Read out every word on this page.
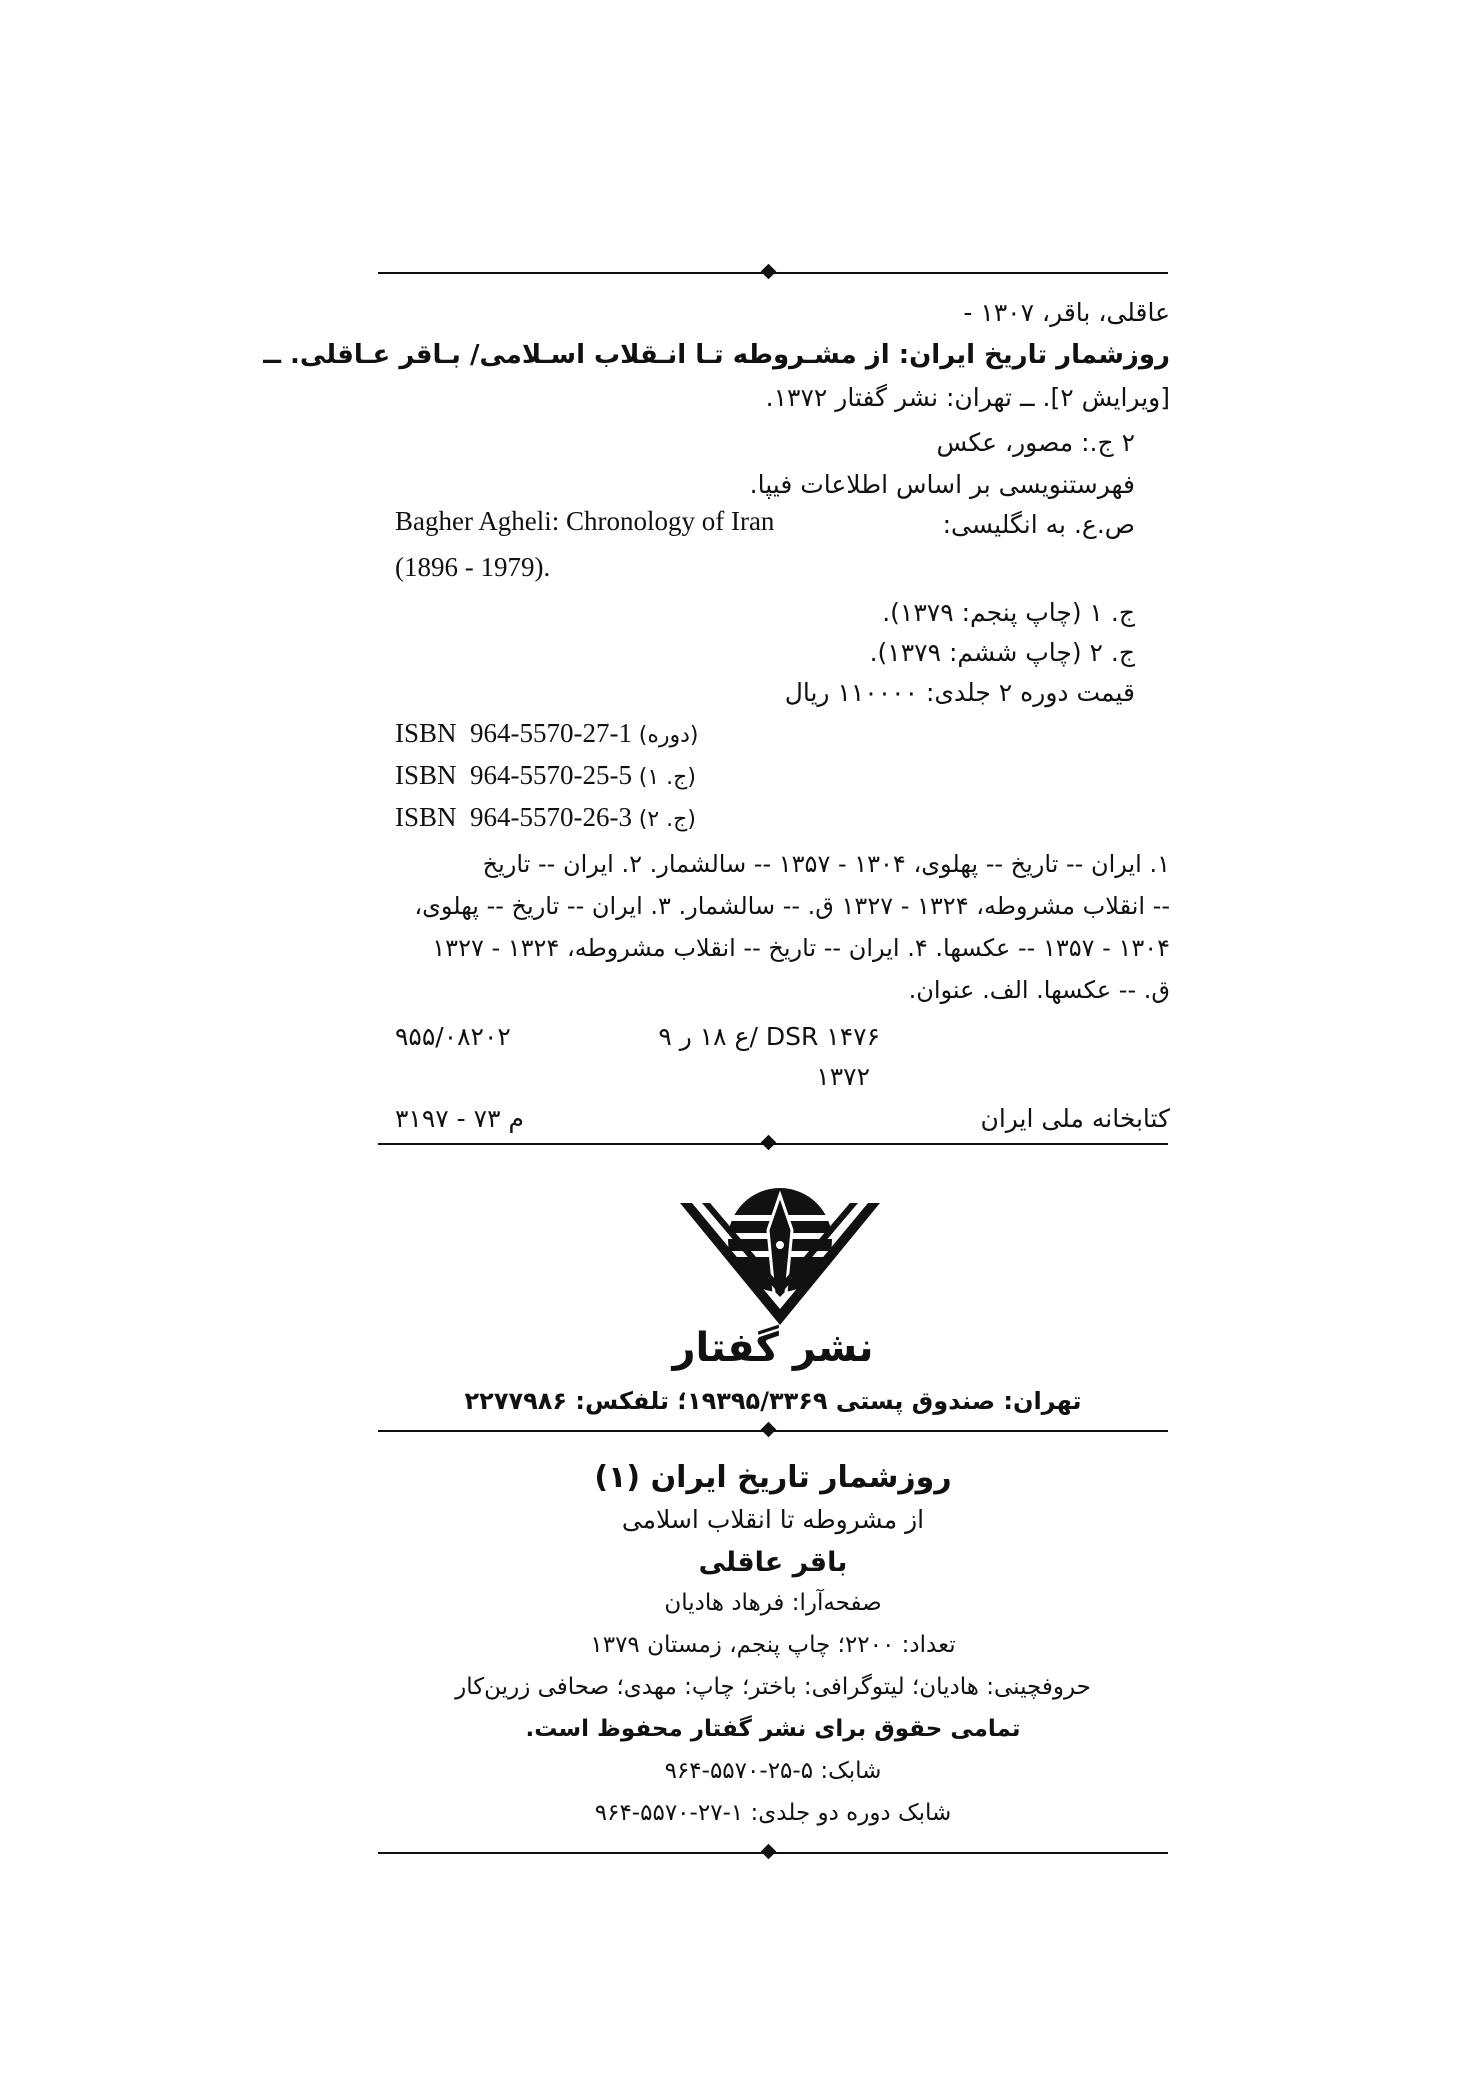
عاقلی، باقر، ۱۳۰۷ -
روزشمار تاریخ ایران: از مشـروطه تـا انـقلاب اسـلامی/ بـاقر عـاقلی. ــ
[ویرایش ۲]. ــ تهران: نشر گفتار ۱۳۷۲.
۲ ج.: مصور، عکس
فهرستنویسی بر اساس اطلاعات فیپا.
ص.ع. به انگلیسی:
Bagher Agheli: Chronology of Iran
(1896 - 1979).
ج. ۱ (چاپ پنجم: ۱۳۷۹).
ج. ۲ (چاپ ششم: ۱۳۷۹).
قیمت دوره ۲ جلدی: ۱۱۰۰۰۰ ریال
ISBN 964-5570-27-1 (دوره)
ISBN 964-5570-25-5 (ج. ۱)
ISBN 964-5570-26-3 (ج. ۲)
۱. ایران -- تاریخ -- پهلوی، ۱۳۰۴ - ۱۳۵۷ -- سالشمار. ۲. ایران -- تاریخ
-- انقلاب مشروطه، ۱۳۲۴ - ۱۳۲۷ ق. -- سالشمار. ۳. ایران -- تاریخ -- پهلوی،
۱۳۰۴ - ۱۳۵۷ -- عکسها. ۴. ایران -- تاریخ -- انقلاب مشروطه، ۱۳۲۴ - ۱۳۲۷
ق. -- عکسها. الف. عنوان.
DSR ۱۴۷۶ /ع ۱۸ ر ۹
۹۵۵/۰۸۲۰۲
۱۳۷۲
کتابخانه ملی ایران
م ۷۳ - ۳۱۹۷
نشر گفتار
تهران: صندوق پستی ۱۹۳۹۵/۳۳۶۹؛ تلفکس: ۲۲۷۷۹۸۶
روزشمار تاریخ ایران (۱)
از مشروطه تا انقلاب اسلامی
باقر عاقلی
صفحه‌آرا: فرهاد هادیان
تعداد: ۲۲۰۰؛ چاپ پنجم، زمستان ۱۳۷۹
حروفچینی: هادیان؛ لیتوگرافی: باختر؛ چاپ: مهدی؛ صحافی زرین‌کار
تمامی حقوق برای نشر گفتار محفوظ است.
شابک: ۵-۲۵-۵۵۷۰-۹۶۴
شابک دوره دو جلدی: ۱-۲۷-۵۵۷۰-۹۶۴
